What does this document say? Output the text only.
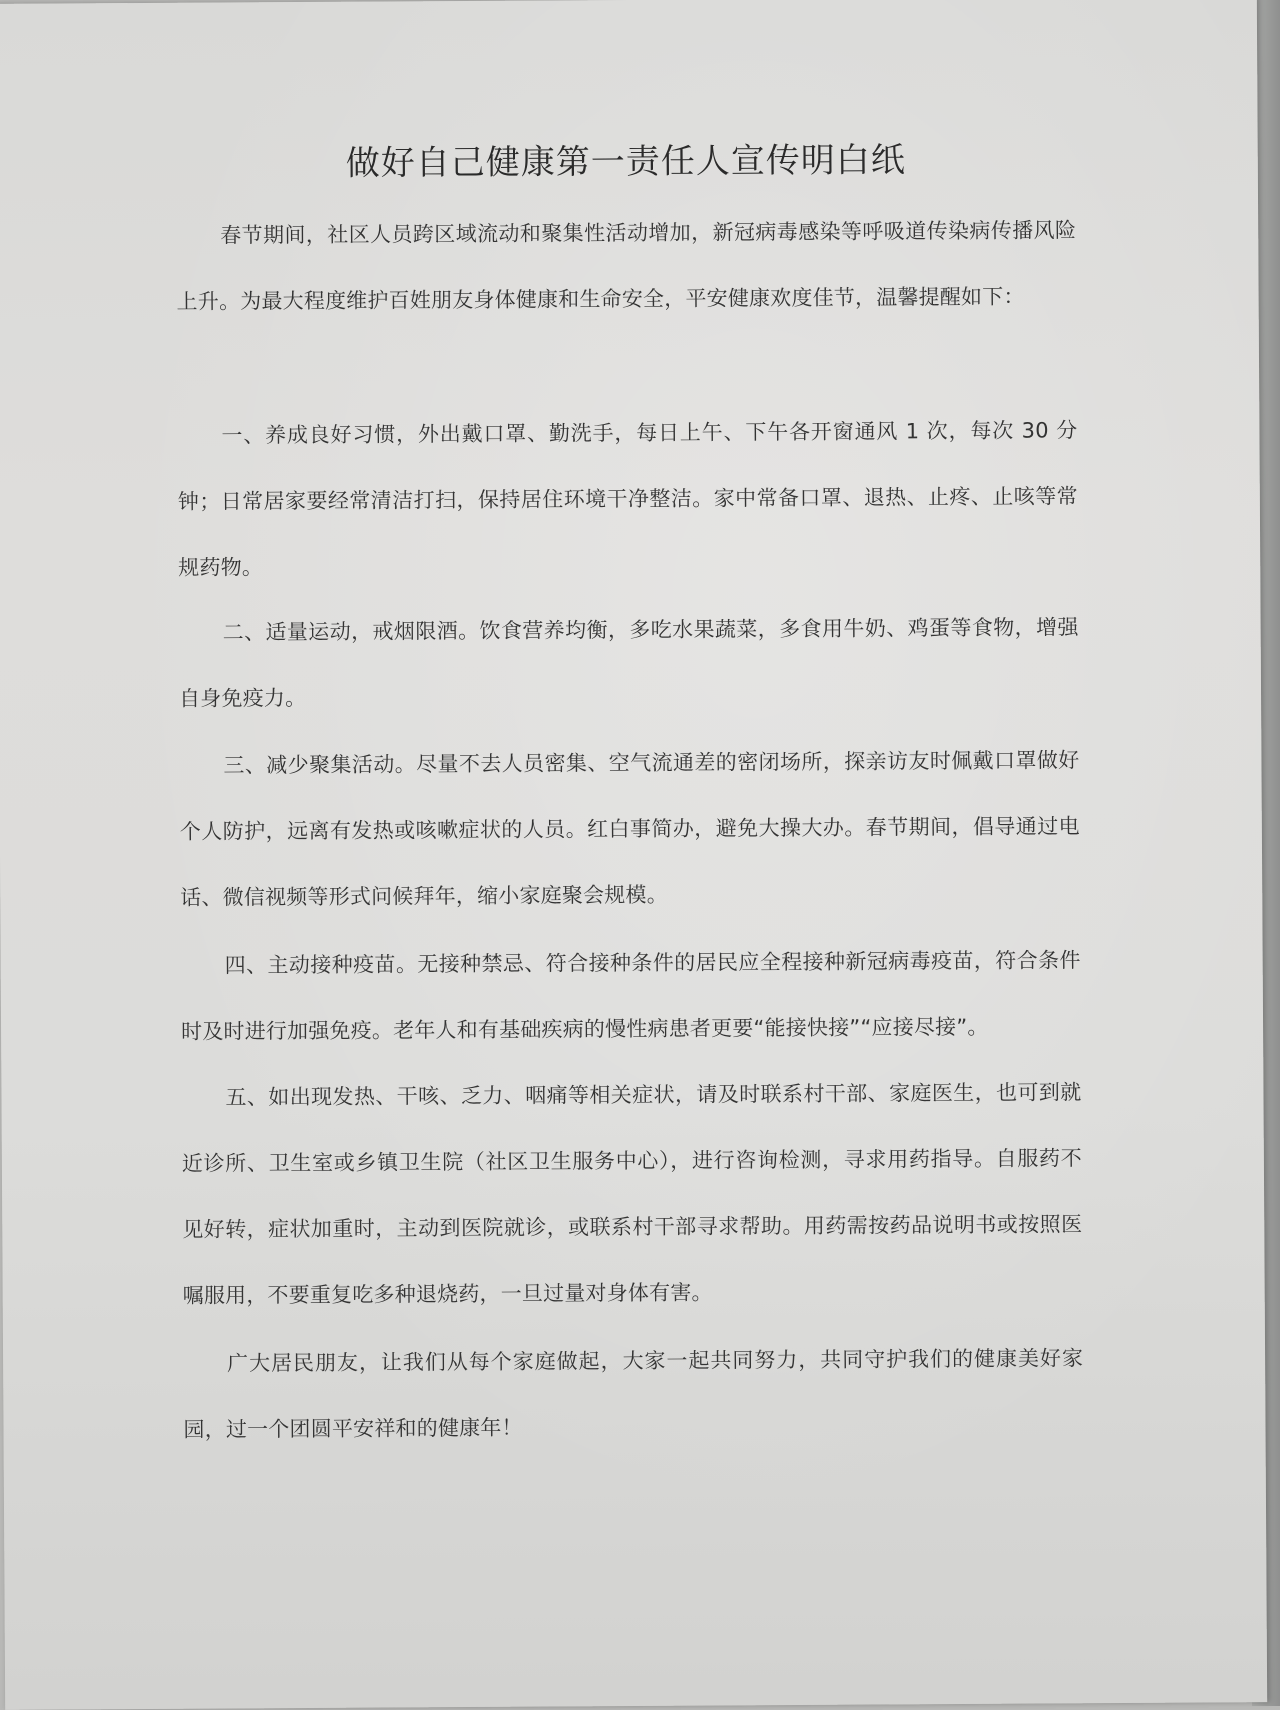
做好自己健康第一责任人宣传明白纸

春节期间，社区人员跨区域流动和聚集性活动增加，新冠病毒感染等呼吸道传染病传播风险上升。为最大程度维护百姓朋友身体健康和生命安全，平安健康欢度佳节，温馨提醒如下：

一、养成良好习惯，外出戴口罩、勤洗手，每日上午、下午各开窗通风 1 次，每次 30 分钟；日常居家要经常清洁打扫，保持居住环境干净整洁。家中常备口罩、退热、止疼、止咳等常规药物。

二、适量运动，戒烟限酒。饮食营养均衡，多吃水果蔬菜，多食用牛奶、鸡蛋等食物，增强自身免疫力。

三、减少聚集活动。尽量不去人员密集、空气流通差的密闭场所，探亲访友时佩戴口罩做好个人防护，远离有发热或咳嗽症状的人员。红白事简办，避免大操大办。春节期间，倡导通过电话、微信视频等形式问候拜年，缩小家庭聚会规模。

四、主动接种疫苗。无接种禁忌、符合接种条件的居民应全程接种新冠病毒疫苗，符合条件时及时进行加强免疫。老年人和有基础疾病的慢性病患者更要“能接快接”“应接尽接”。

五、如出现发热、干咳、乏力、咽痛等相关症状，请及时联系村干部、家庭医生，也可到就近诊所、卫生室或乡镇卫生院（社区卫生服务中心），进行咨询检测，寻求用药指导。自服药不见好转，症状加重时，主动到医院就诊，或联系村干部寻求帮助。用药需按药品说明书或按照医嘱服用，不要重复吃多种退烧药，一旦过量对身体有害。

广大居民朋友，让我们从每个家庭做起，大家一起共同努力，共同守护我们的健康美好家园，过一个团圆平安祥和的健康年！
